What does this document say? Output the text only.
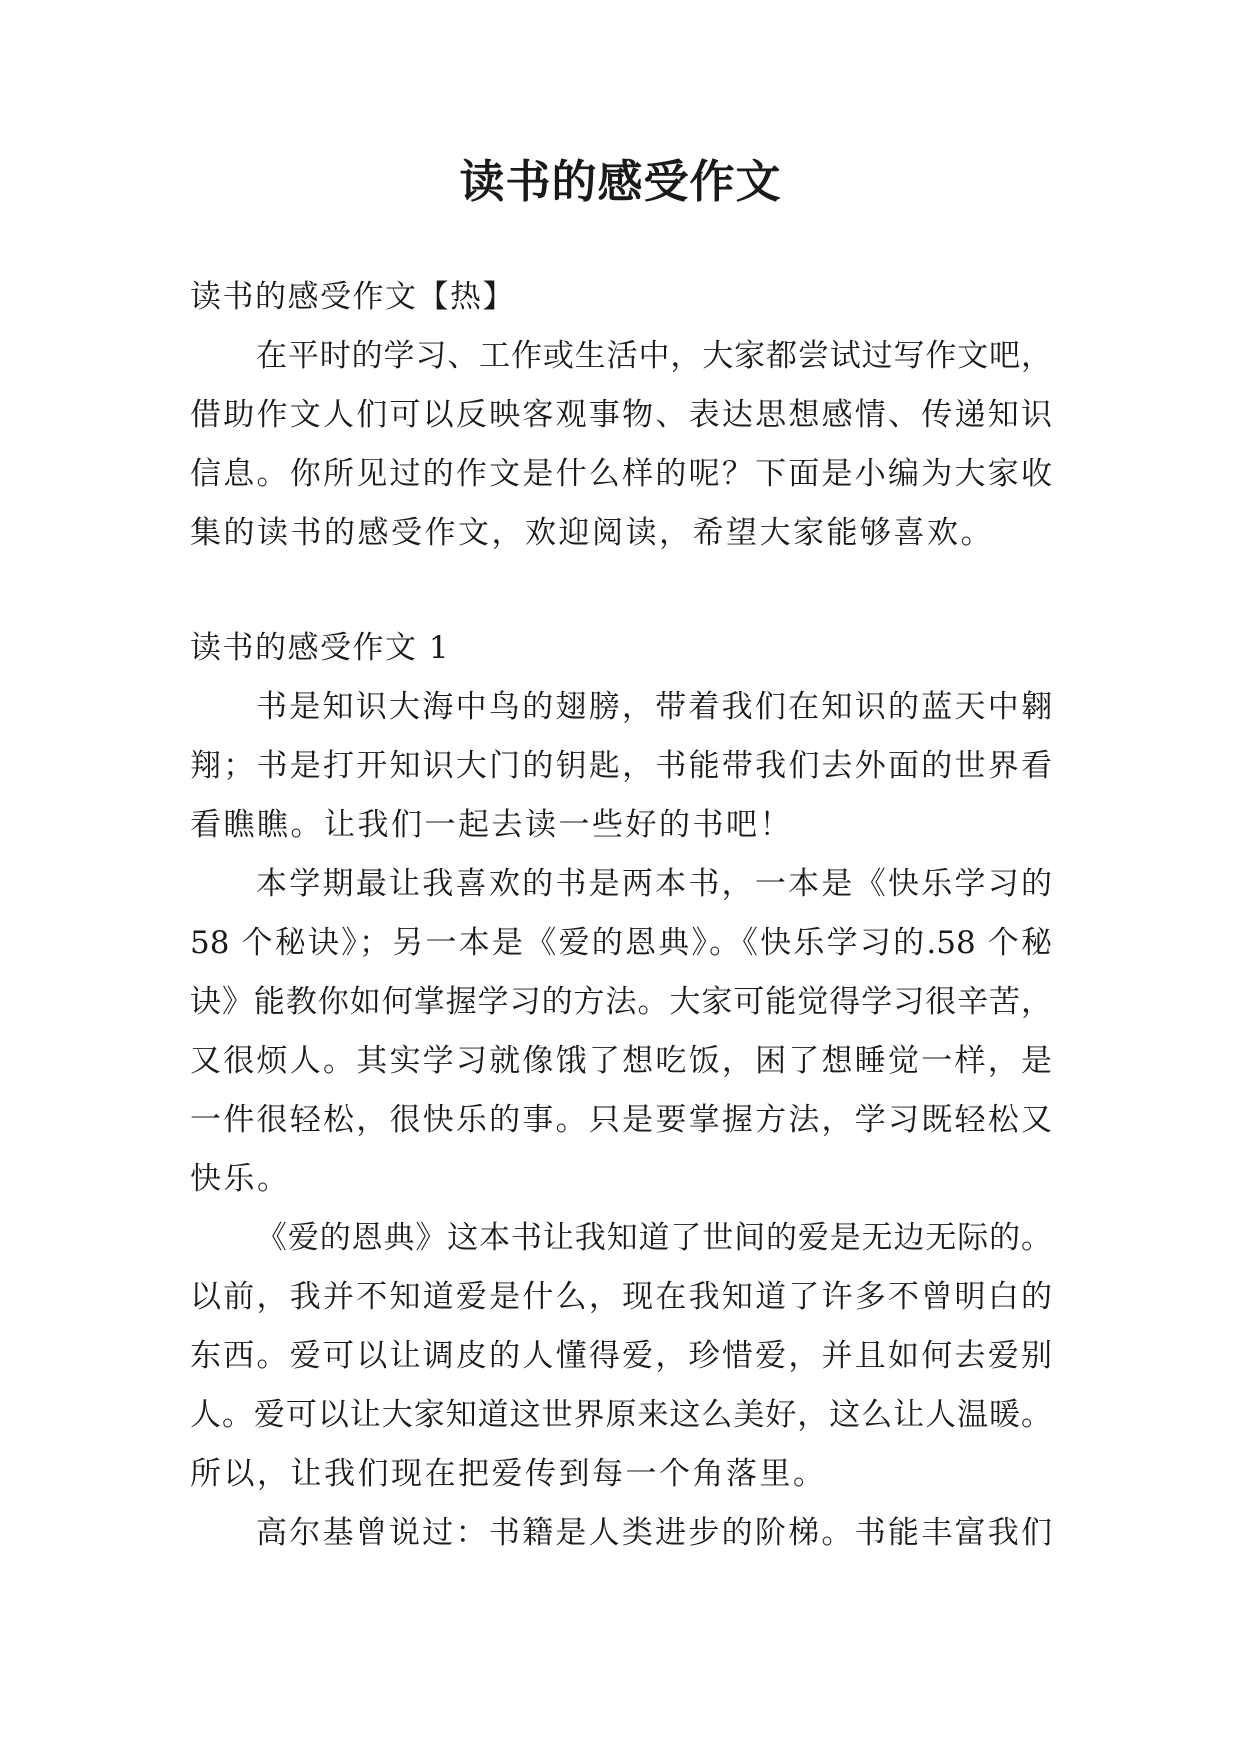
读书的感受作文
读书的感受作文【热】
在平时的学习、工作或生活中，大家都尝试过写作文吧，
借助作文人们可以反映客观事物、表达思想感情、传递知识
信息。你所见过的作文是什么样的呢？下面是小编为大家收
集的读书的感受作文，欢迎阅读，希望大家能够喜欢。
读书的感受作文 1
书是知识大海中鸟的翅膀，带着我们在知识的蓝天中翱
翔；书是打开知识大门的钥匙，书能带我们去外面的世界看
看瞧瞧。让我们一起去读一些好的书吧！
本学期最让我喜欢的书是两本书，一本是《快乐学习的
58 个秘诀》；另一本是《爱的恩典》。《快乐学习的.58 个秘
诀》能教你如何掌握学习的方法。大家可能觉得学习很辛苦，
又很烦人。其实学习就像饿了想吃饭，困了想睡觉一样，是
一件很轻松，很快乐的事。只是要掌握方法，学习既轻松又
快乐。
《爱的恩典》这本书让我知道了世间的爱是无边无际的。
以前，我并不知道爱是什么，现在我知道了许多不曾明白的
东西。爱可以让调皮的人懂得爱，珍惜爱，并且如何去爱别
人。爱可以让大家知道这世界原来这么美好，这么让人温暖。
所以，让我们现在把爱传到每一个角落里。
高尔基曾说过：书籍是人类进步的阶梯。书能丰富我们
